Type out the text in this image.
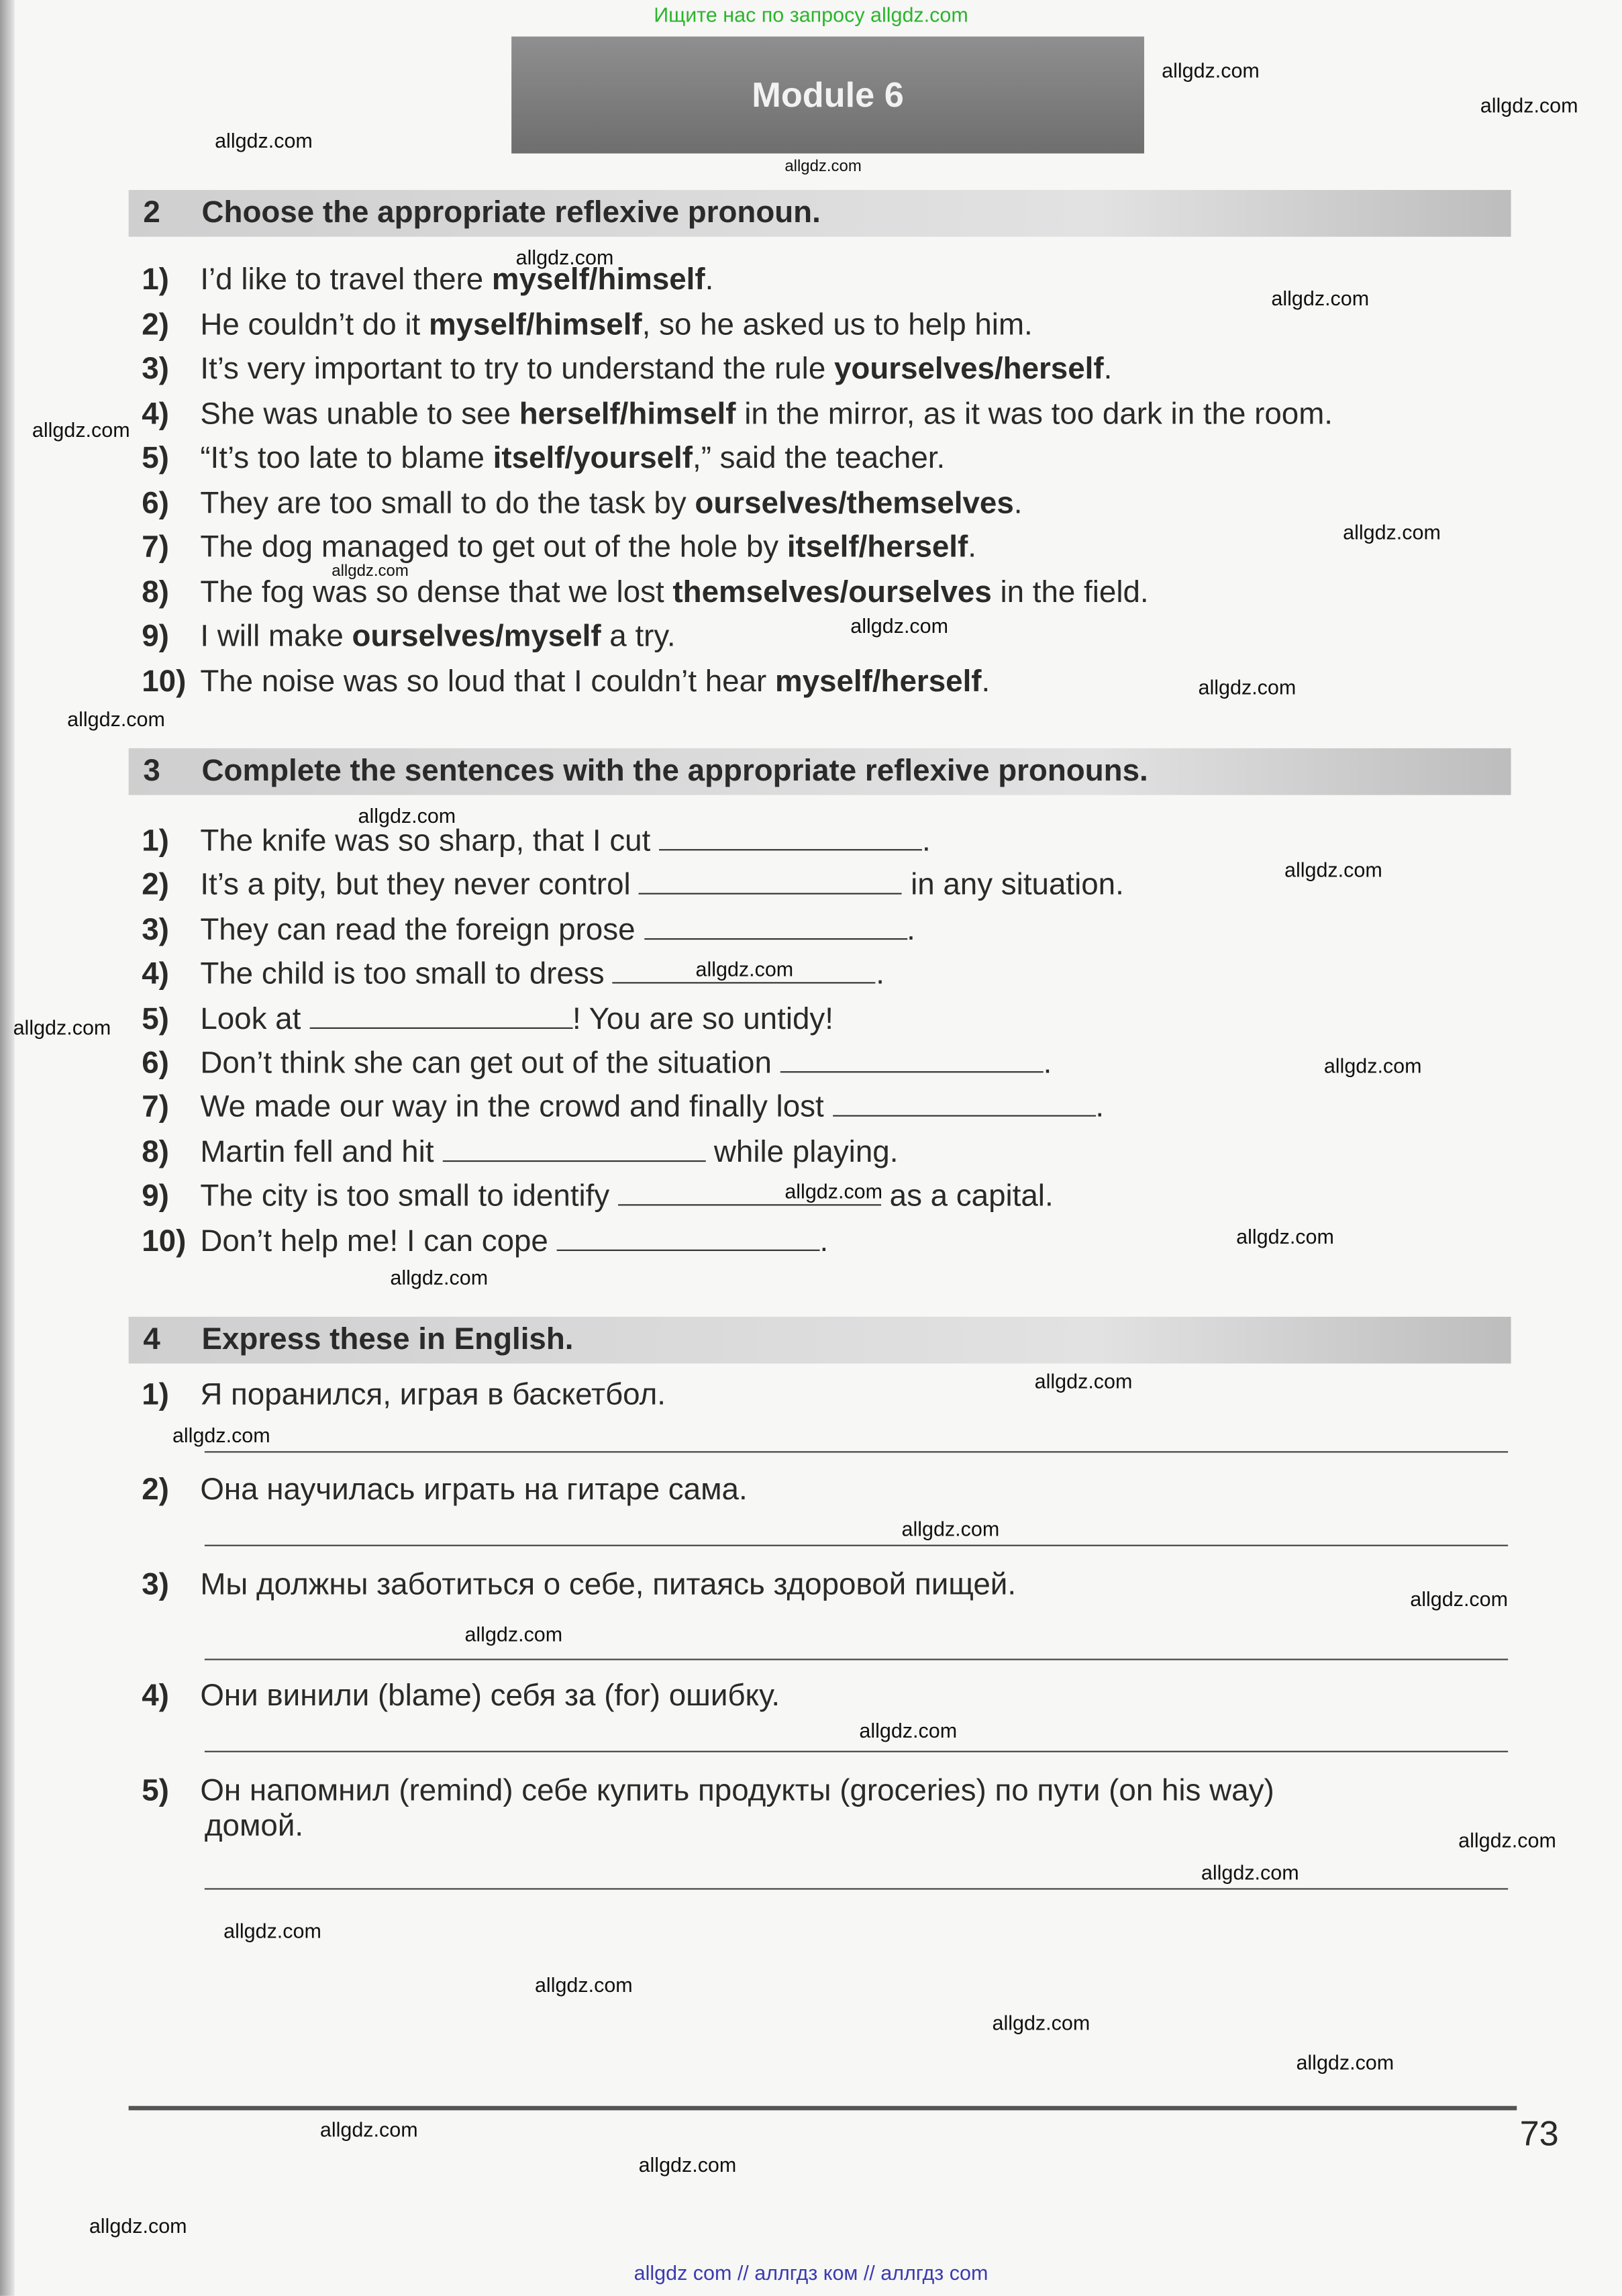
Ищите нас по запросу allgdz.com
Module 6
2	Choose the appropriate reflexive pronoun.
1) I’d like to travel there myself/himself.
2) He couldn’t do it myself/himself, so he asked us to help him.
3) It’s very important to try to understand the rule yourselves/herself.
4) She was unable to see herself/himself in the mirror, as it was too dark in the room.
5) “It’s too late to blame itself/yourself,” said the teacher.
6) They are too small to do the task by ourselves/themselves.
7) The dog managed to get out of the hole by itself/herself.
8) The fog was so dense that we lost themselves/ourselves in the field.
9) I will make ourselves/myself a try.
10) The noise was so loud that I couldn’t hear myself/herself.
3	Complete the sentences with the appropriate reflexive pronouns.
1) The knife was so sharp, that I cut	.
2) It’s a pity, but they never control	in any situation.
3) They can read the foreign prose	.
4) The child is too small to dress	.
5) Look at	! You are so untidy!
6) Don’t think she can get out of the situation	.
7) We made our way in the crowd and finally lost	.
8) Martin fell and hit	while playing.
9) The city is too small to identify	as a capital.
10) Don’t help me! I can cope	.
4	Express these in English.
1) Я поранился, играя в баскетбол.
2) Она научилась играть на гитаре сама.
3) Мы должны заботиться о себе, питаясь здоровой пищей.
4) Они винили (blame) себя за (for) ошибку.
5) Он напомнил (remind) себе купить продукты (groceries) по пути (on his way)
домой.
73
allgdz com // аллгдз ком // аллгдз com
allgdz.com
allgdz.com
allgdz.com
allgdz.com
allgdz.com
allgdz.com
allgdz.com
allgdz.com
allgdz.com
allgdz.com
allgdz.com
allgdz.com
allgdz.com
allgdz.com
allgdz.com
allgdz.com
allgdz.com
allgdz.com
allgdz.com
allgdz.com
allgdz.com
allgdz.com
allgdz.com
allgdz.com
allgdz.com
allgdz.com
allgdz.com
allgdz.com
allgdz.com
allgdz.com
allgdz.com
allgdz.com
allgdz.com
allgdz.com
allgdz.com
